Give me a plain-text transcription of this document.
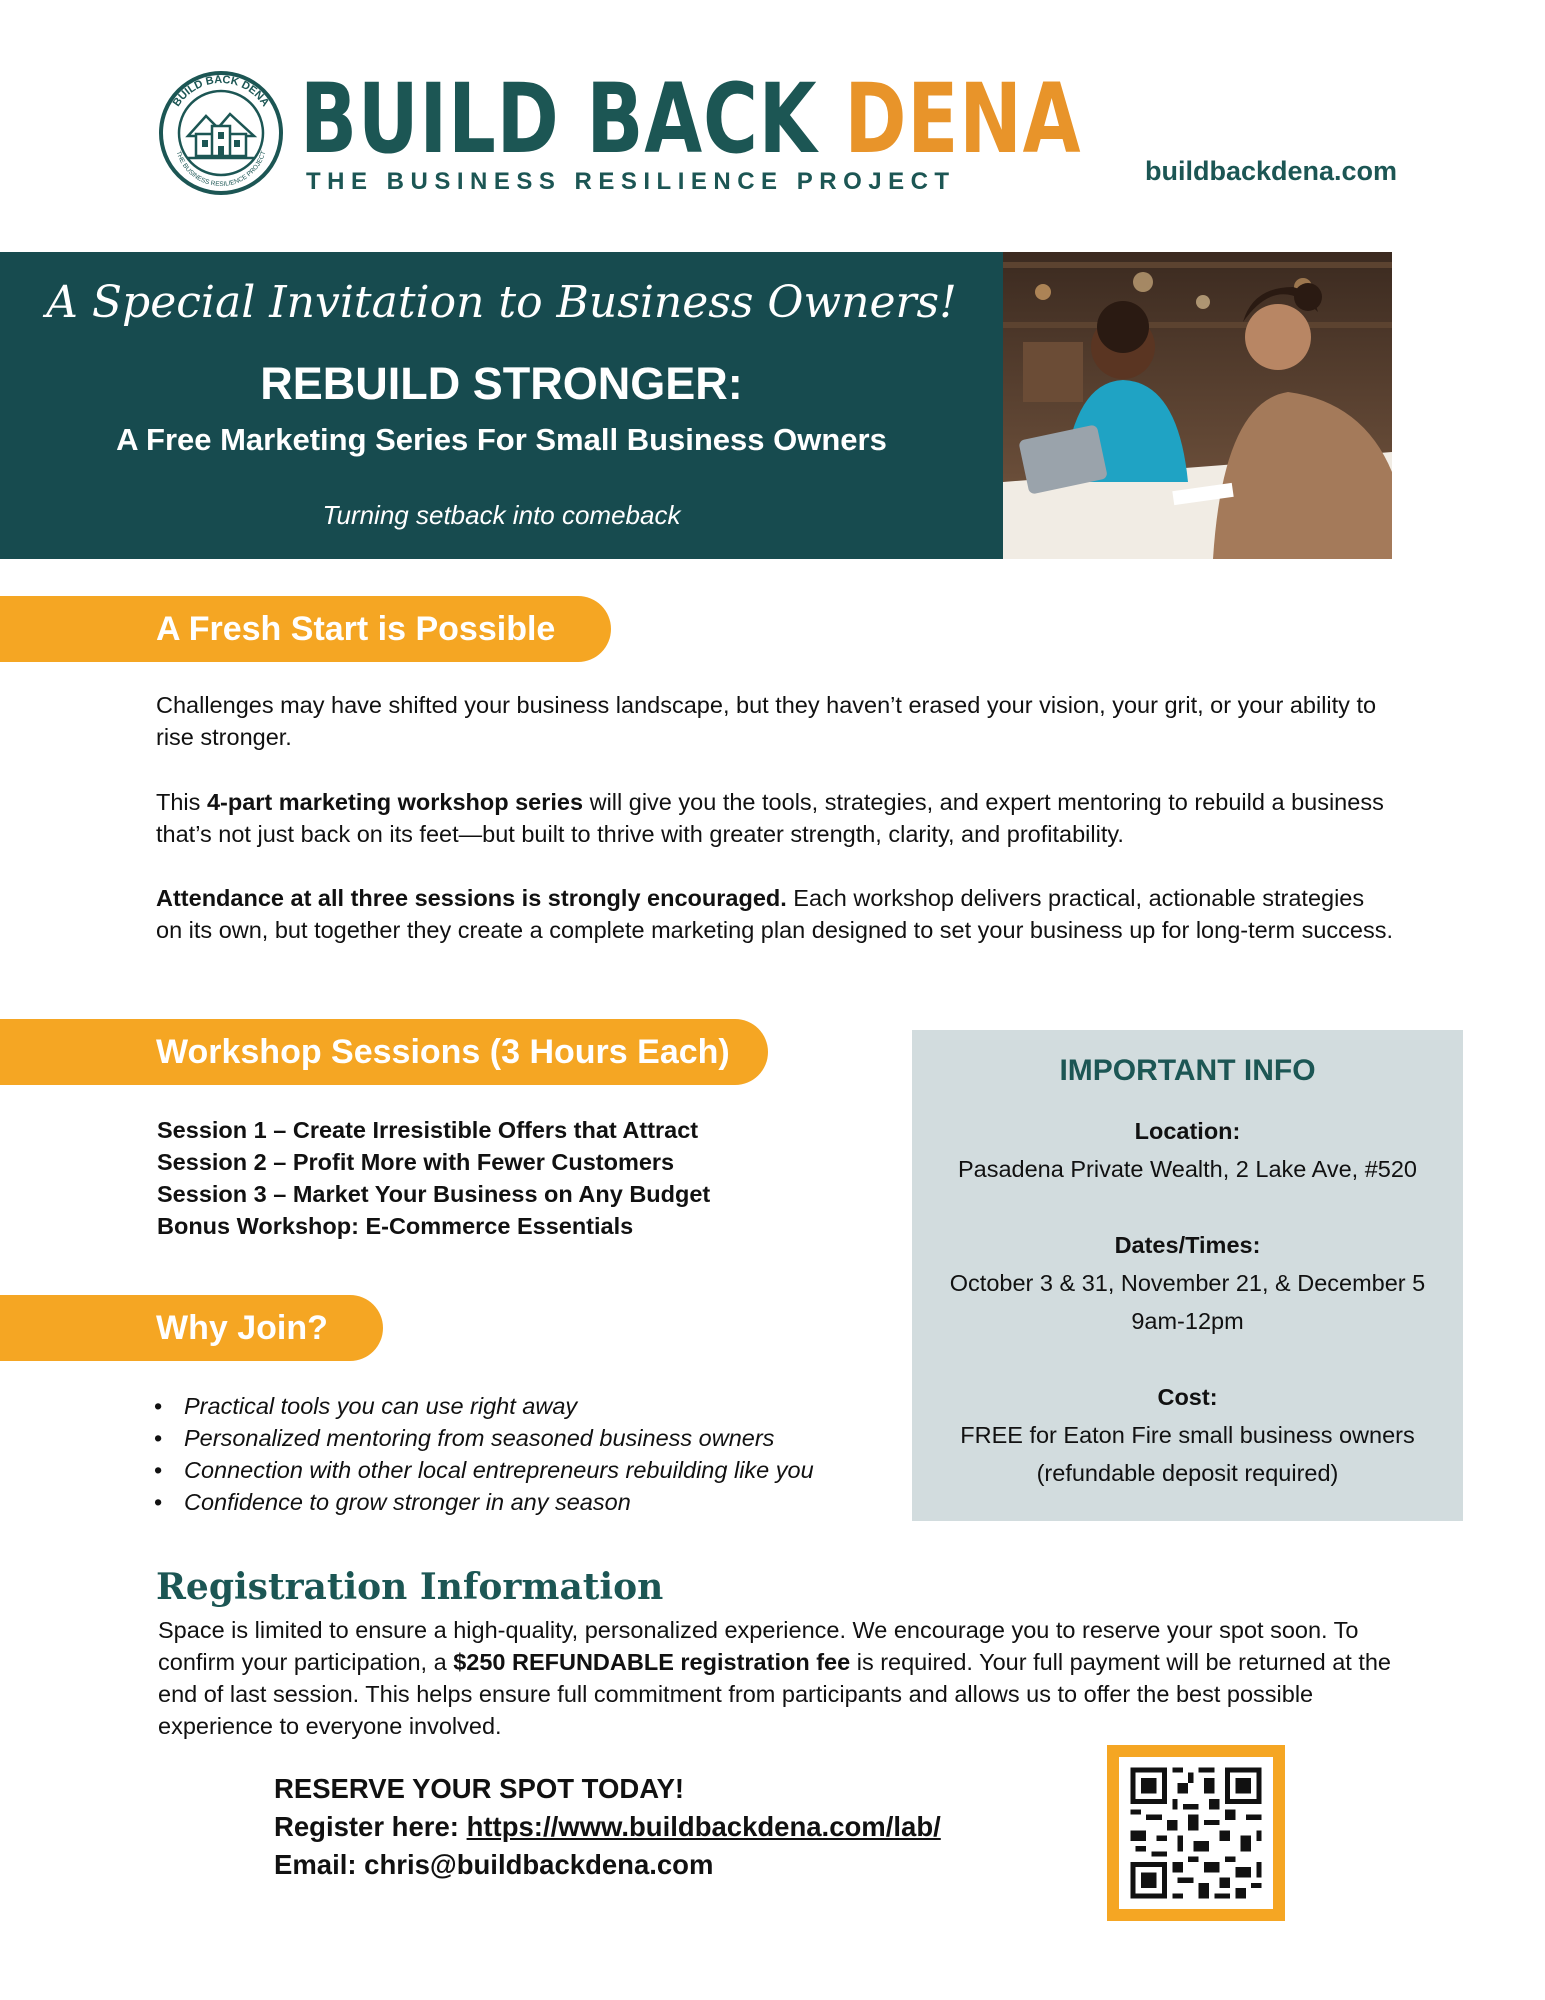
BUILD BACK DENA
THE BUSINESS RESILIENCE PROJECT BUILD BACK DENA
THE BUSINESS RESILIENCE PROJECT	buildbackdena.com
A Special Invitation to Business Owners!
REBUILD STRONGER:
A Free Marketing Series For Small Business Owners
Turning setback into comeback
A Fresh Start is Possible
Challenges may have shifted your business landscape, but they haven’t erased your vision, your grit, or your ability to rise stronger.
This 4-part marketing workshop series will give you the tools, strategies, and expert mentoring to rebuild a business that’s not just back on its feet—but built to thrive with greater strength, clarity, and profitability.
Attendance at all three sessions is strongly encouraged. Each workshop delivers practical, actionable strategies on its own, but together they create a complete marketing plan designed to set your business up for long-term success.
Workshop Sessions (3 Hours Each)
Session 1 – Create Irresistible Offers that Attract
Session 2 – Profit More with Fewer Customers
Session 3 – Market Your Business on Any Budget
Bonus Workshop: E-Commerce Essentials
Why Join?
• Practical tools you can use right away
• Personalized mentoring from seasoned business owners
• Connection with other local entrepreneurs rebuilding like you
• Confidence to grow stronger in any season
IMPORTANT INFO
Location:
Pasadena Private Wealth, 2 Lake Ave, #520
Dates/Times:
October 3 & 31, November 21, & December 5
9am-12pm
Cost:
FREE for Eaton Fire small business owners
(refundable deposit required)
Registration Information
Space is limited to ensure a high-quality, personalized experience. We encourage you to reserve your spot soon. To confirm your participation, a $250 REFUNDABLE registration fee is required. Your full payment will be returned at the end of last session. This helps ensure full commitment from participants and allows us to offer the best possible experience to everyone involved.
RESERVE YOUR SPOT TODAY!
Register here: https://www.buildbackdena.com/lab/
Email: chris@buildbackdena.com
